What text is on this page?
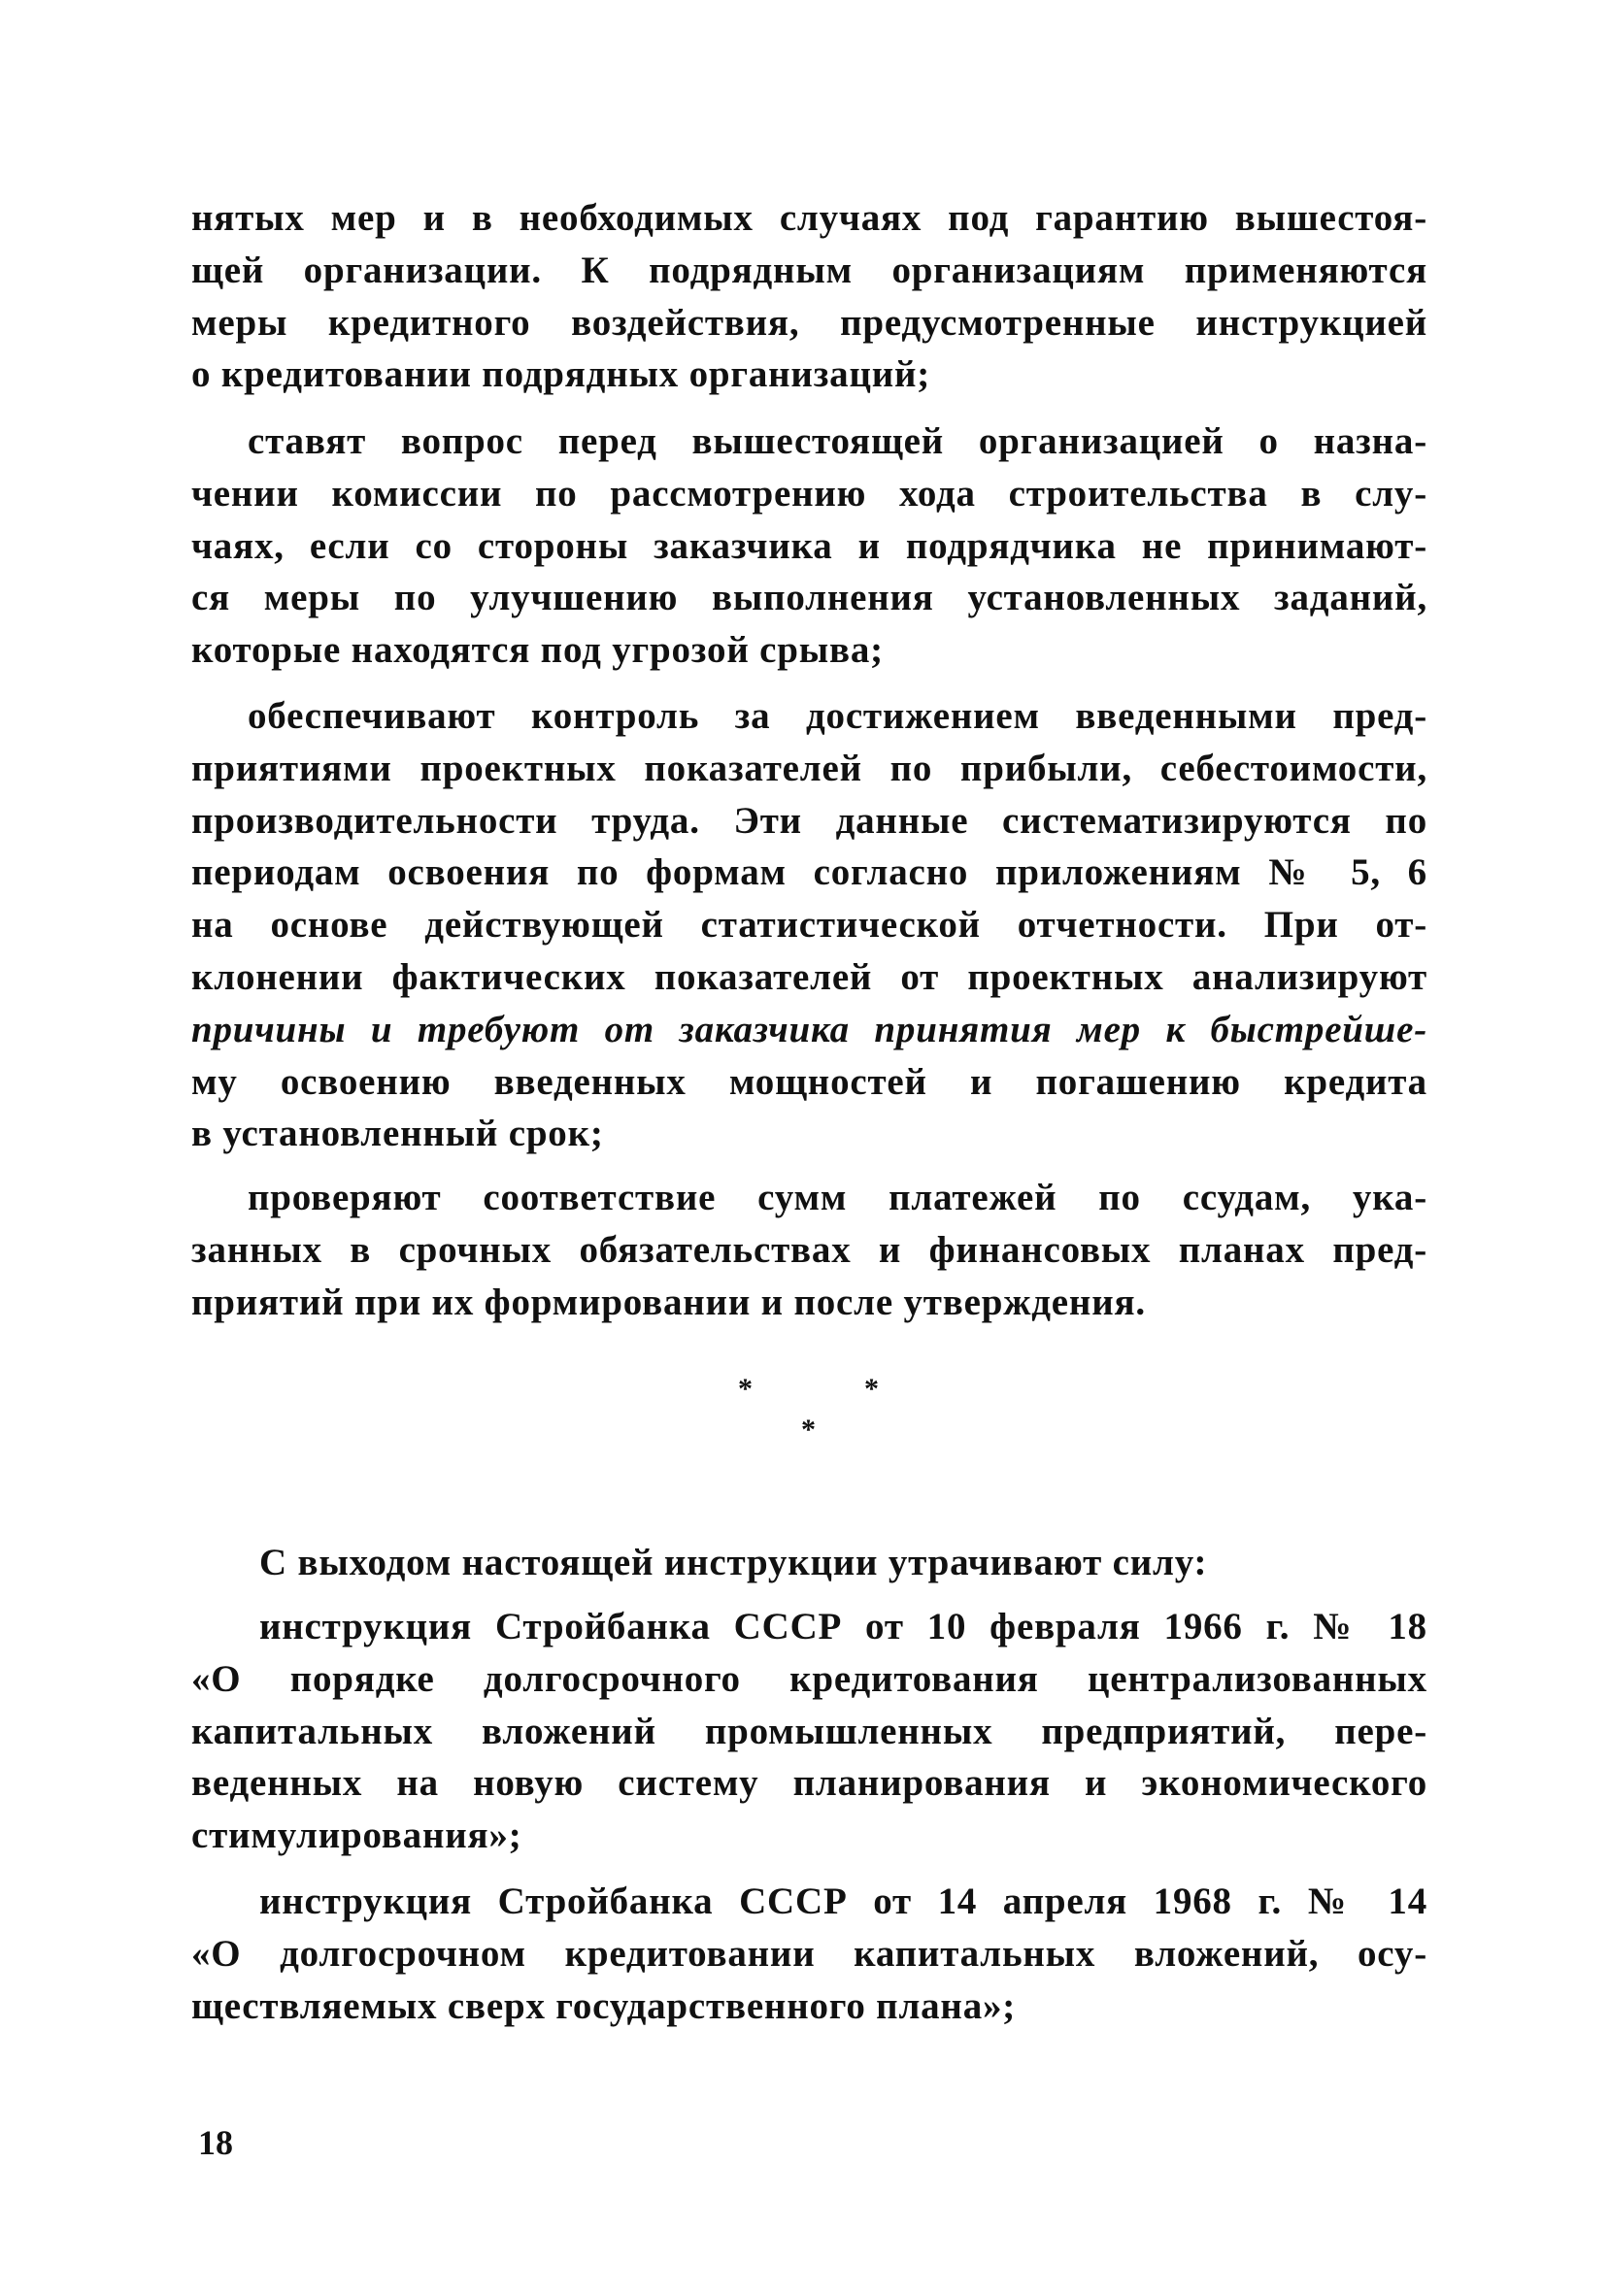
нятых мер и в необходимых случаях под гарантию вышестоя-
щей организации. К подрядным организациям применяются
меры кредитного воздействия, предусмотренные инструкцией
о кредитовании подрядных организаций;

ставят вопрос перед вышестоящей организацией о назна-
чении комиссии по рассмотрению хода строительства в слу-
чаях, если со стороны заказчика и подрядчика не принимают-
ся меры по улучшению выполнения установленных заданий,
которые находятся под угрозой срыва;

обеспечивают контроль за достижением введенными пред-
приятиями проектных показателей по прибыли, себестоимости,
производительности труда. Эти данные систематизируются по
периодам освоения по формам согласно приложениям № 5, 6
на основе действующей статистической отчетности. При от-
клонении фактических показателей от проектных анализируют
причины и требуют от заказчика принятия мер к быстрейше-
му освоению введенных мощностей и погашению кредита
в установленный срок;

проверяют соответствие сумм платежей по ссудам, ука-
занных в срочных обязательствах и финансовых планах пред-
приятий при их формировании и после утверждения.

*	*
*

С выходом настоящей инструкции утрачивают силу:

инструкция Стройбанка СССР от 10 февраля 1966 г. № 18
«О порядке долгосрочного кредитования централизованных
капитальных вложений промышленных предприятий, пере-
веденных на новую систему планирования и экономического
стимулирования»;

инструкция Стройбанка СССР от 14 апреля 1968 г. № 14
«О долгосрочном кредитовании капитальных вложений, осу-
ществляемых сверх государственного плана»;

18
